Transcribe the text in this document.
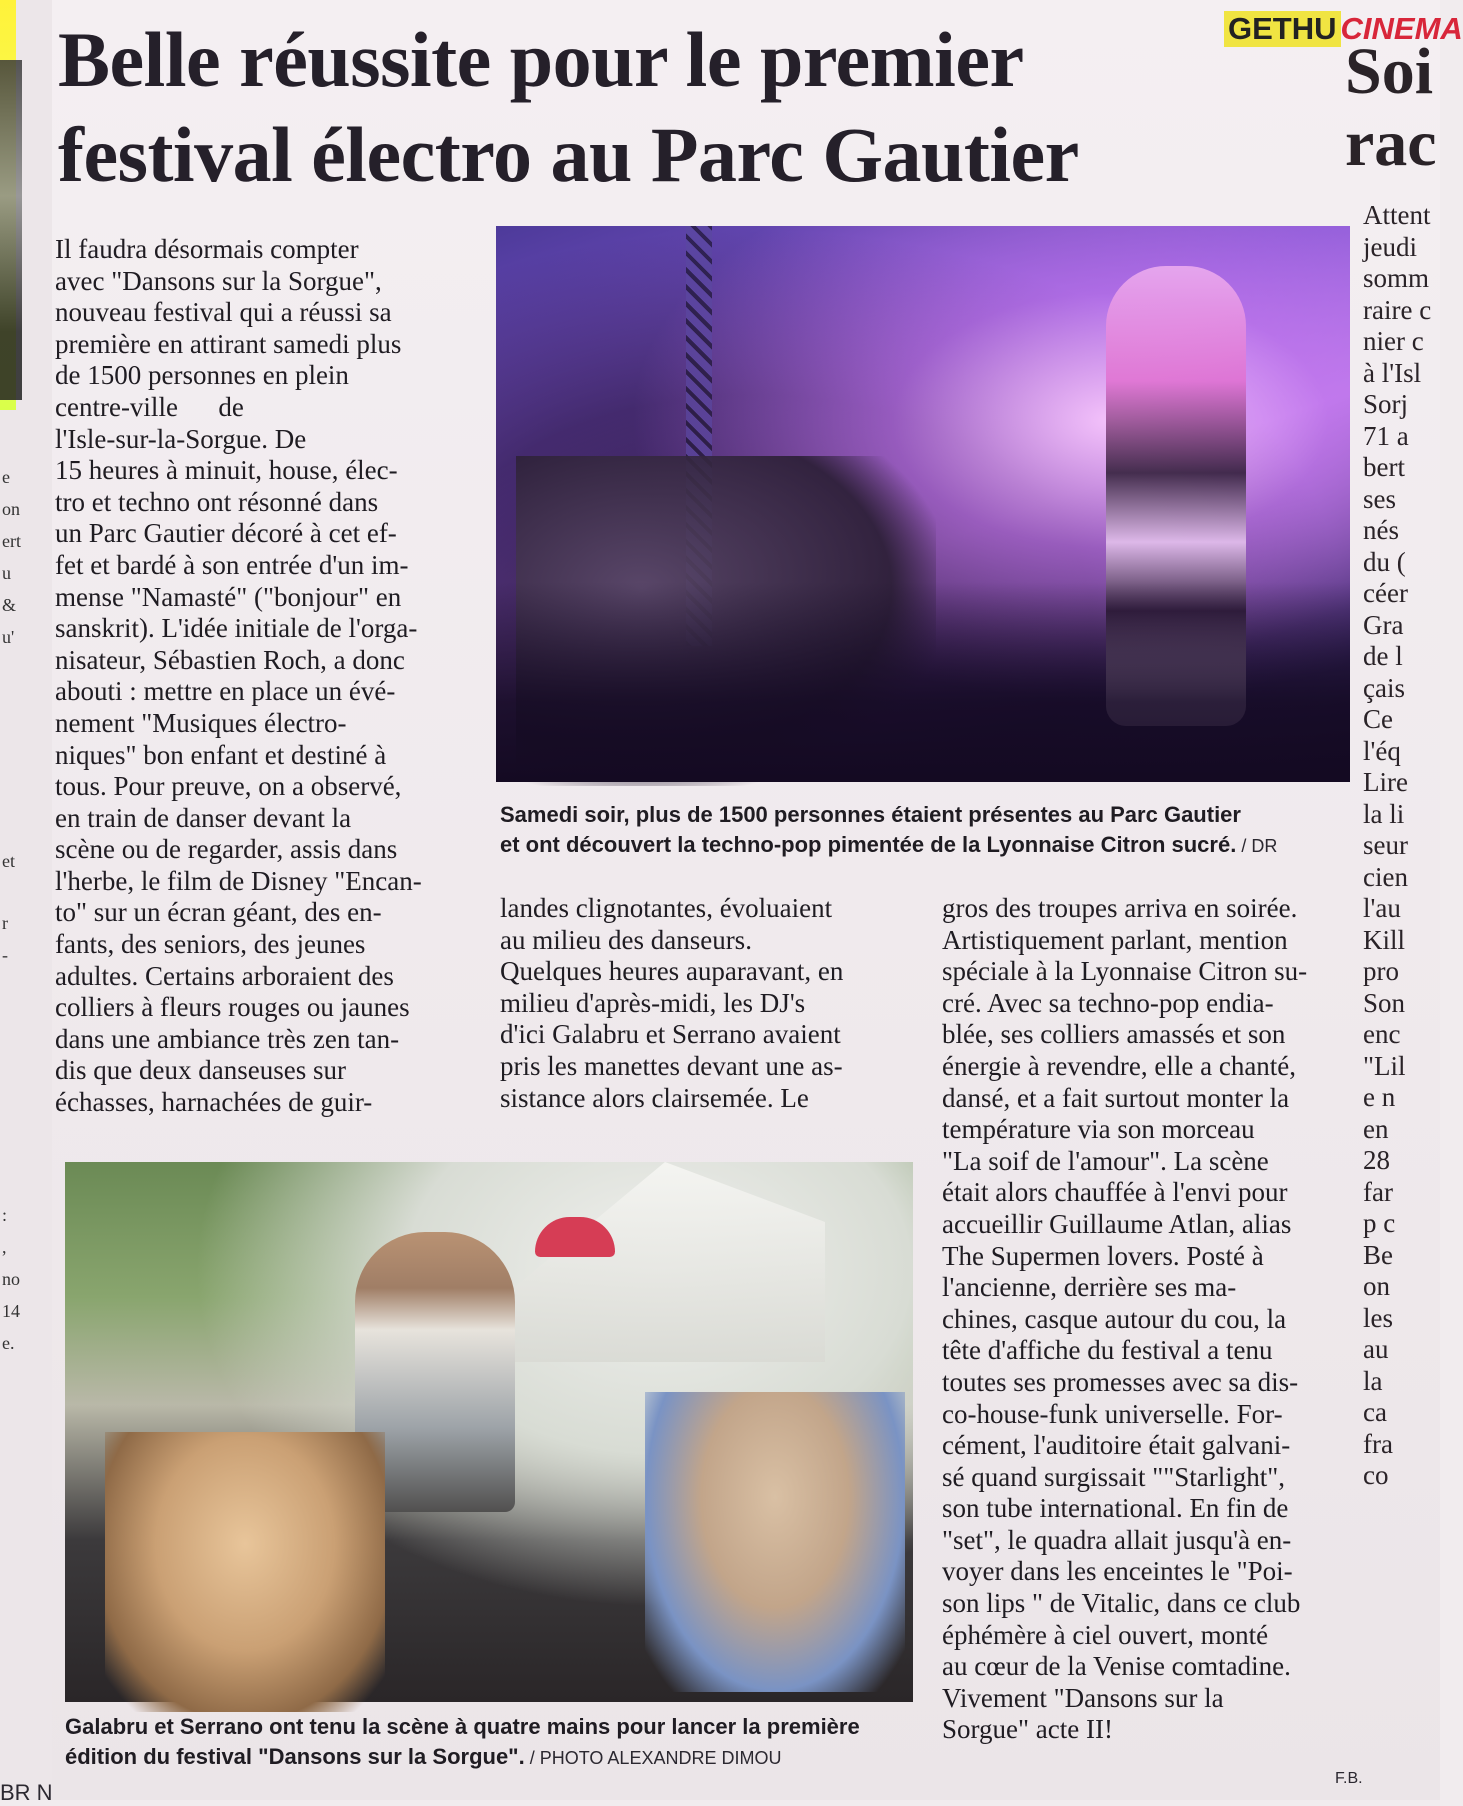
e
on
ert
u
&
u'
et
r
-
:
,
no
14
e.
Soi
rac
Attent
jeudi
somm
raire c
nier c
à l'Isl
Sorj
71 a
bert
ses
nés
du (
céer
Gra
de l
çais
Ce
l'éq
Lire
la li
seur
cien
l'au
Kill
pro
Son
enc
"Lil
e n
en
28
far
p c
Be
on
les
au
la
ca
fra
co
GETHU CINEMA
Belle réussite pour le premier
festival électro au Parc Gautier

Il faudra désormais compter
avec "Dansons sur la Sorgue",
nouveau festival qui a réussi sa
première en attirant samedi plus
de 1500 personnes en plein
centre-ville      de
l'Isle-sur-la-Sorgue. De
15 heures à minuit, house, élec-
tro et techno ont résonné dans
un Parc Gautier décoré à cet ef-
fet et bardé à son entrée d'un im-
mense "Namasté" ("bonjour" en
sanskrit). L'idée initiale de l'orga-
nisateur, Sébastien Roch, a donc
abouti : mettre en place un évé-
nement "Musiques électro-
niques" bon enfant et destiné à
tous. Pour preuve, on a observé,
en train de danser devant la
scène ou de regarder, assis dans
l'herbe, le film de Disney "Encan-
to" sur un écran géant, des en-
fants, des seniors, des jeunes
adultes. Certains arboraient des
colliers à fleurs rouges ou jaunes
dans une ambiance très zen tan-
dis que deux danseuses sur
échasses, harnachées de guir-

Samedi soir, plus de 1500 personnes étaient présentes au Parc Gautier
et ont découvert la techno-pop pimentée de la Lyonnaise Citron sucré. / DR

landes clignotantes, évoluaient
au milieu des danseurs.
Quelques heures auparavant, en
milieu d'après-midi, les DJ's
d'ici Galabru et Serrano avaient
pris les manettes devant une as-
sistance alors clairsemée. Le

gros des troupes arriva en soirée.
Artistiquement parlant, mention
spéciale à la Lyonnaise Citron su-
cré. Avec sa techno-pop endia-
blée, ses colliers amassés et son
énergie à revendre, elle a chanté,
dansé, et a fait surtout monter la
température via son morceau
"La soif de l'amour". La scène
était alors chauffée à l'envi pour
accueillir Guillaume Atlan, alias
The Supermen lovers. Posté à
l'ancienne, derrière ses ma-
chines, casque autour du cou, la
tête d'affiche du festival a tenu
toutes ses promesses avec sa dis-
co-house-funk universelle. For-
cément, l'auditoire était galvani-
sé quand surgissait ""Starlight",
son tube international. En fin de
"set", le quadra allait jusqu'à en-
voyer dans les enceintes le "Poi-
son lips " de Vitalic, dans ce club
éphémère à ciel ouvert, monté
au cœur de la Venise comtadine.
Vivement "Dansons sur la
Sorgue" acte II!

Galabru et Serrano ont tenu la scène à quatre mains pour lancer la première
édition du festival "Dansons sur la Sorgue". / PHOTO ALEXANDRE DIMOU
F.B.
BR N
